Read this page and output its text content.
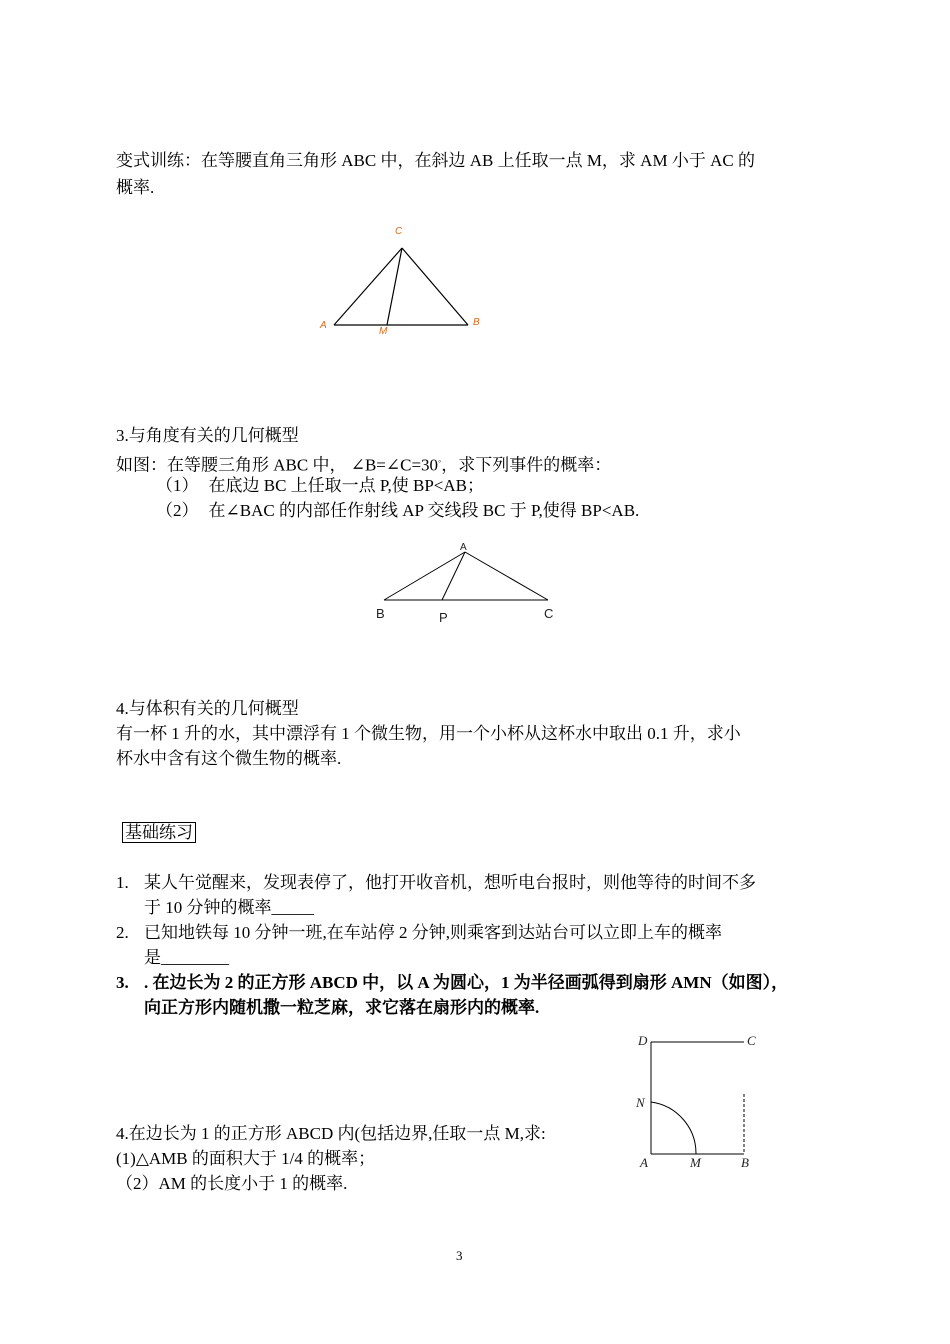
变式训练：在等腰直角三角形 ABC 中，在斜边 AB 上任取一点 M，求 AM 小于 AC 的
概率.
C
A
M
B
3.与角度有关的几何概型
如图：在等腰三角形 ABC 中， ∠B=∠C=30◦，求下列事件的概率：
（1） 在底边 BC 上任取一点 P,使 BP<AB；
（2） 在∠BAC 的内部任作射线 AP 交线段 BC 于 P,使得 BP<AB.
A
B	P	C
4.与体积有关的几何概型
有一杯 1 升的水，其中漂浮有 1 个微生物，用一个小杯从这杯水中取出 0.1 升，求小
杯水中含有这个微生物的概率.
基础练习
1. 某人午觉醒来，发现表停了，他打开收音机，想听电台报时，则他等待的时间不多
于 10 分钟的概率_____
2. 已知地铁每 10 分钟一班,在车站停 2 分钟,则乘客到达站台可以立即上车的概率
是________
3. . 在边长为 2 的正方形 ABCD 中，以 A 为圆心，1 为半径画弧得到扇形 AMN（如图），
向正方形内随机撒一粒芝麻，求它落在扇形内的概率.
D	C
N
A	M	B
4.在边长为 1 的正方形 ABCD 内(包括边界,任取一点 M,求:
(1)△AMB 的面积大于 1/4 的概率；
（2）AM 的长度小于 1 的概率.
3
